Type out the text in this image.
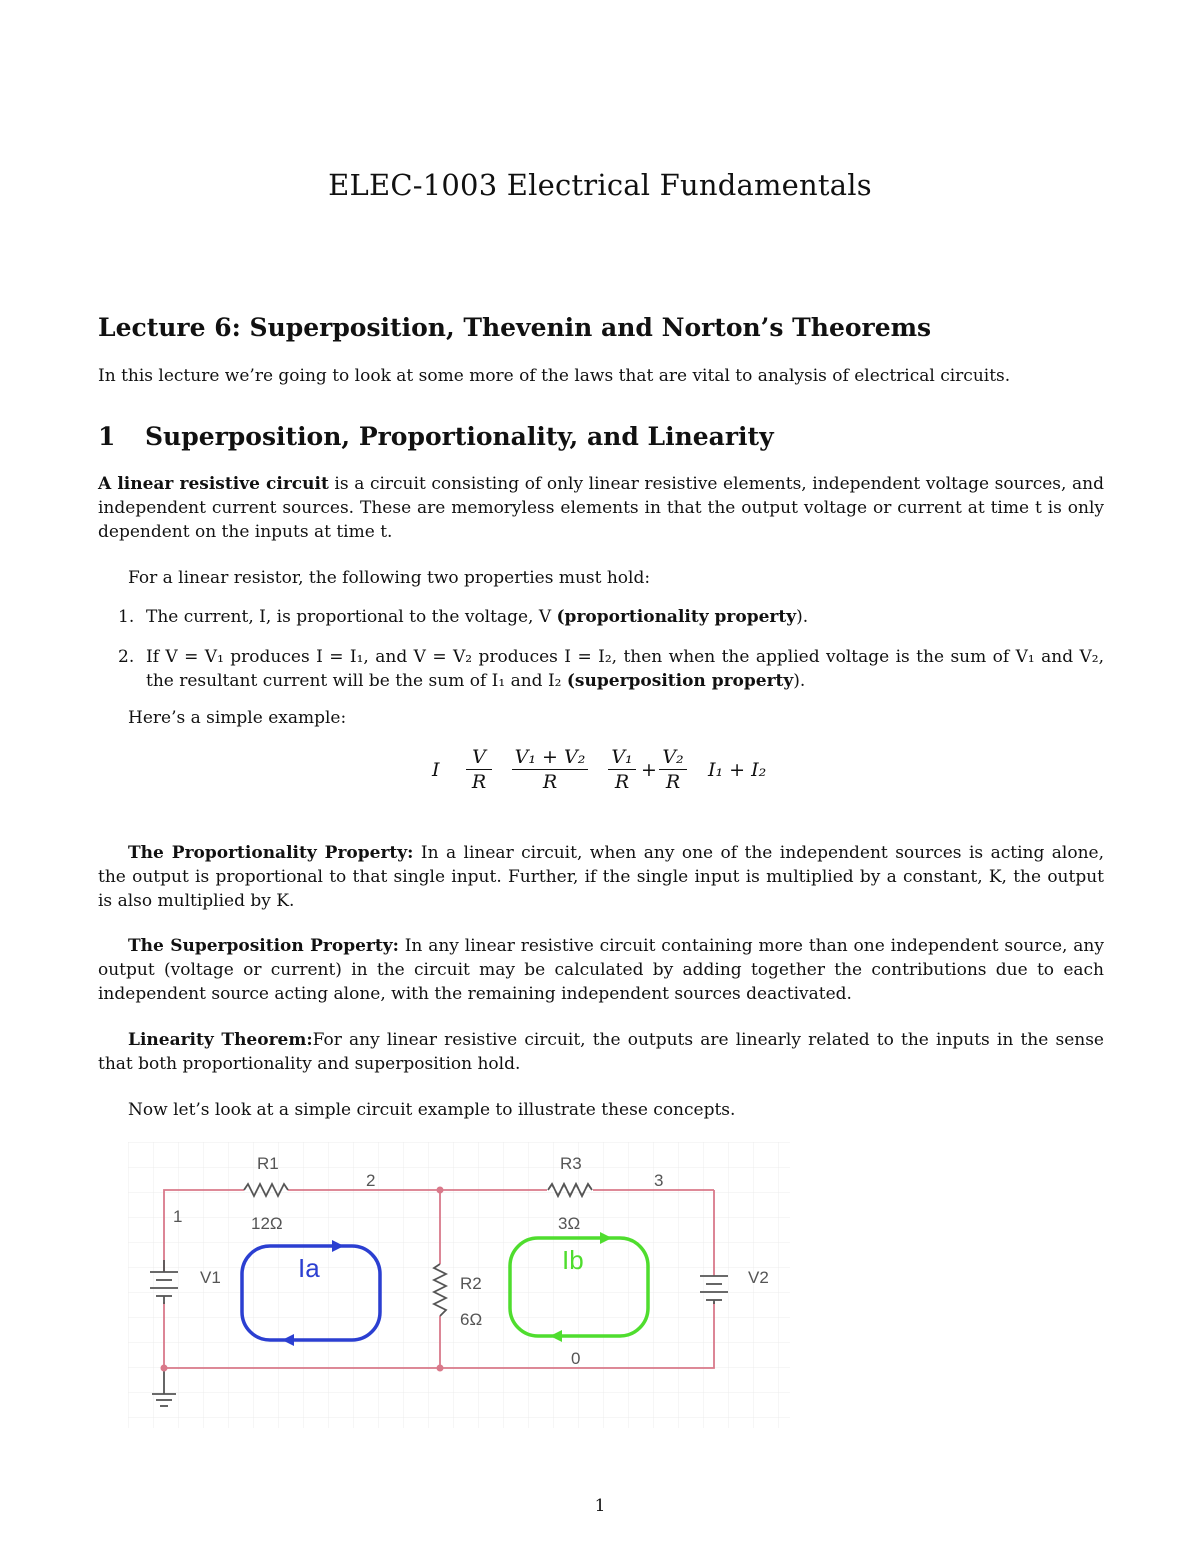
ELEC-1003 Electrical Fundamentals
Lecture 6: Superposition, Thevenin and Norton’s Theorems

In this lecture we’re going to look at some more of the laws that are vital to analysis of electrical circuits.

1 Superposition, Proportionality, and Linearity

A linear resistive circuit is a circuit consisting of only linear resistive elements, independent voltage sources, and independent current sources. These are memoryless elements in that the output voltage or current at time t is only dependent on the inputs at time t.

For a linear resistor, the following two properties must hold:

1. The current, I, is proportional to the voltage, V (proportionality property).
2. If V = V₁ produces I = I₁, and V = V₂ produces I = I₂, then when the applied voltage is the sum of V₁ and V₂, the resultant current will be the sum of I₁ and I₂ (superposition property).

Here’s a simple example:

I $\frac{V}{R} \frac{\text{V₁ + V₂}}{R} \frac{\text{V₁}}{R} + \frac{\text{V₂}}{R} I_1 + I_2$

The Proportionality Property: In a linear circuit, when any one of the independent sources is acting alone, the output is proportional to that single input. Further, if the single input is multiplied by a constant, K, the output is also multiplied by K.

The Superposition Property: In any linear resistive circuit containing more than one independent source, any output (voltage or current) in the circuit may be calculated by adding together the contributions due to each independent source acting alone, with the remaining independent sources deactivated.

Linearity Theorem:For any linear resistive circuit, the outputs are linearly related to the inputs in the sense that both proportionality and superposition hold.

Now let’s look at a simple circuit example to illustrate these concepts.

R1
12Ω
R3
3Ω
R2
6Ω
V1	V2
1
2	3
0
Ia	Ib
1
